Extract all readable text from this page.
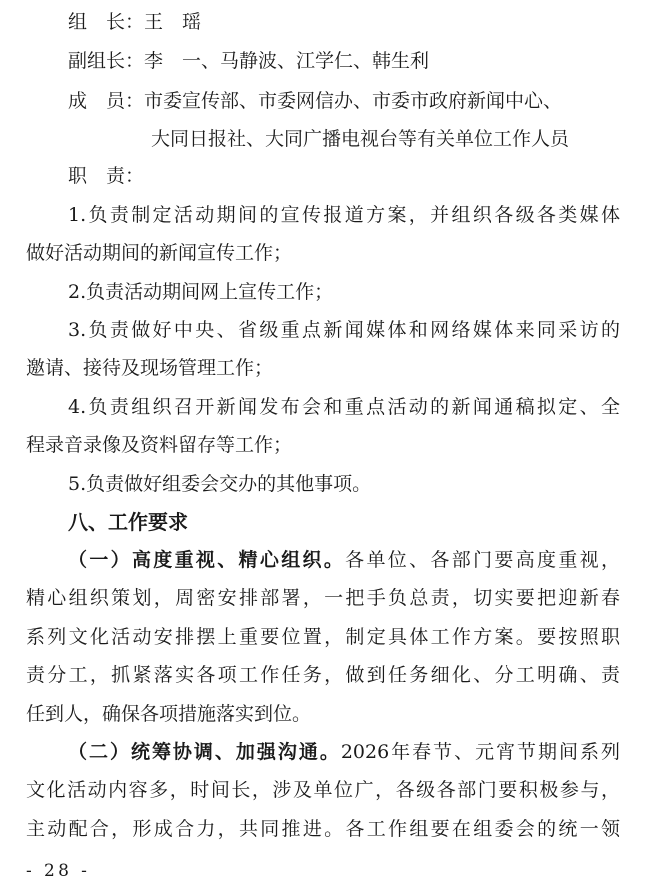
组　长：王　瑶
副组长：李　一、马静波、江学仁、韩生利
成　员：市委宣传部、市委网信办、市委市政府新闻中心、
大同日报社、大同广播电视台等有关单位工作人员
职　责：
1.负责制定活动期间的宣传报道方案，并组织各级各类媒体
做好活动期间的新闻宣传工作；
2.负责活动期间网上宣传工作；
3.负责做好中央、省级重点新闻媒体和网络媒体来同采访的
邀请、接待及现场管理工作；
4.负责组织召开新闻发布会和重点活动的新闻通稿拟定、全
程录音录像及资料留存等工作；
5.负责做好组委会交办的其他事项。
八、工作要求
（一）高度重视、精心组织。各单位、各部门要高度重视，
精心组织策划，周密安排部署，一把手负总责，切实要把迎新春
系列文化活动安排摆上重要位置，制定具体工作方案。要按照职
责分工，抓紧落实各项工作任务，做到任务细化、分工明确、责
任到人，确保各项措施落实到位。
（二）统筹协调、加强沟通。2026年春节、元宵节期间系列
文化活动内容多，时间长，涉及单位广，各级各部门要积极参与，
主动配合，形成合力，共同推进。各工作组要在组委会的统一领
- 28 -
